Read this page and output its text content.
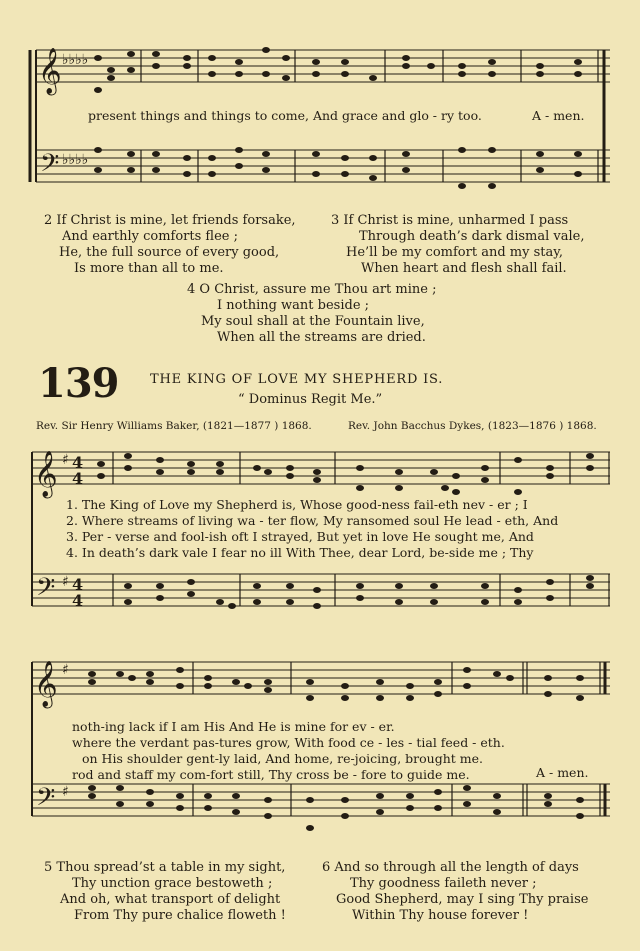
𝄞
𝄢
♭♭♭♭
♭♭♭♭
present things and things to come, And grace and glo - ry too.	A - men.
2 If Christ is mine, let friends forsake,
And earthly comforts flee ;
He, the full source of every good,
Is more than all to me.
3 If Christ is mine, unharmed I pass
Through death’s dark dismal vale,
He’ll be my comfort and my stay,
When heart and flesh shall fail.
4 O Christ, assure me Thou art mine ;
I nothing want beside ;
My soul shall at the Fountain live,
When all the streams are dried.
139 THE KING OF LOVE MY SHEPHERD IS.
“ Dominus Regit Me.”
Rev. Sir Henry Williams Baker, (1821—1877 ) 1868.	Rev. John Bacchus Dykes, (1823—1876 ) 1868.
𝄞
𝄢
♯
♯
4
4
4
4
1. The King of Love my Shepherd is, Whose good-ness fail-eth nev - er ; I
2. Where streams of living wa - ter flow, My ransomed soul He lead - eth, And
3. Per - verse and fool-ish oft I strayed, But yet in love He sought me, And
4. In death’s dark vale I fear no ill With Thee, dear Lord, be-side me ; Thy
𝄞
𝄢
♯
♯
noth-ing lack if I am His And He is mine for ev - er.
where the verdant pas-tures grow, With food ce - les - tial feed - eth.
on His shoulder gent-ly laid, And home, re-joicing, brought me.
rod and staff my com-fort still, Thy cross be - fore to guide me.	A - men.
5 Thou spread’st a table in my sight,
Thy unction grace bestoweth ;
And oh, what transport of delight
From Thy pure chalice floweth !
6 And so through all the length of days
Thy goodness faileth never ;
Good Shepherd, may I sing Thy praise
Within Thy house forever !
